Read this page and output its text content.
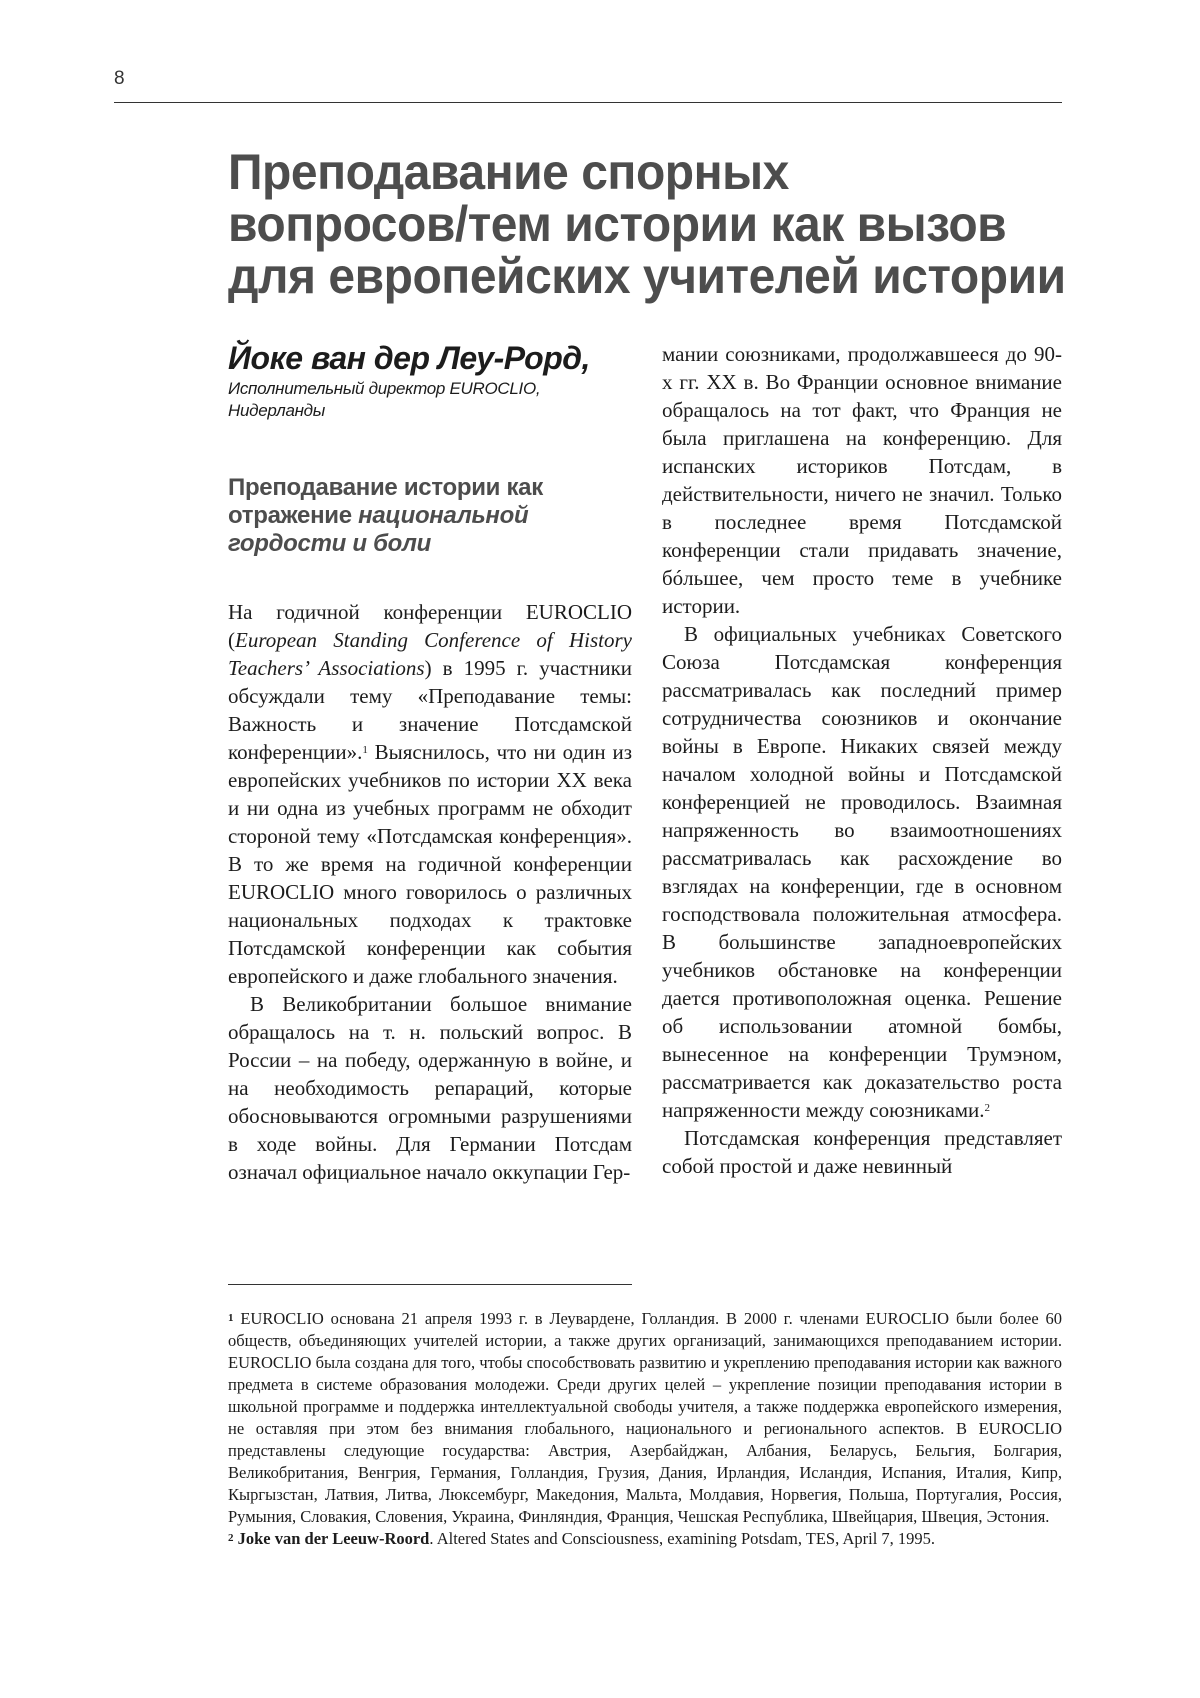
8
Преподавание спорных
вопросов/тем истории как вызов
для европейских учителей истории

Йоке ван дер Леу-Рорд,

Исполнительный директор EUROCLIO, Нидерланды

Преподавание истории как
отражение национальной
гордости и боли

На годичной конференции EUROCLIO (European Standing Conference of History Teachers’ Associations) в 1995 г. участники обсуждали тему «Преподавание темы: Важность и значение Потсдамской конференции».$^1$ Выяснилось, что ни один из европейских учебников по истории XX века и ни одна из учебных программ не обходит стороной тему «Потсдамская конференция». В то же время на годичной конференции EUROCLIO много говорилось о различных национальных подходах к трактовке Потсдамской конференции как события европейского и даже глобального значения.

В Великобритании большое внимание обращалось на т. н. польский вопрос. В России – на победу, одержанную в войне, и на необходимость репараций, которые обосновываются огромными разрушениями в ходе войны. Для Германии Потсдам означал официальное начало оккупации Гер-

мании союзниками, продолжавшееся до 90-х гг. XX в. Во Франции основное внимание обращалось на тот факт, что Франция не была приглашена на конференцию. Для испанских историков Потсдам, в действительности, ничего не значил. Только в последнее время Потсдамской конференции стали придавать значение, бóльшее, чем просто теме в учебнике истории.

В официальных учебниках Советского Союза Потсдамская конференция рассматривалась как последний пример сотрудничества союзников и окончание войны в Европе. Никаких связей между началом холодной войны и Потсдамской конференцией не проводилось. Взаимная напряженность во взаимоотношениях рассматривалась как расхождение во взглядах на конференции, где в основном господствовала положительная атмосфера. В большинстве западноевропейских учебников обстановке на конференции дается противоположная оценка. Решение об использовании атомной бомбы, вынесенное на конференции Трумэном, рассматривается как доказательство роста напряженности между союзниками.$^2$

Потсдамская конференция представляет собой простой и даже невинный

$^1$ EUROCLIO основана 21 апреля 1993 г. в Леувардене, Голландия. В 2000 г. членами EUROCLIO были более 60 обществ, объединяющих учителей истории, а также других организаций, занимающихся преподаванием истории. EUROCLIO была создана для того, чтобы способствовать развитию и укреплению преподавания истории как важного предмета в системе образования молодежи. Среди других целей – укрепление позиции преподавания истории в школьной программе и поддержка интеллектуальной свободы учителя, а также поддержка европейского измерения, не оставляя при этом без внимания глобального, национального и регионального аспектов. В EUROCLIO представлены следующие государства: Австрия, Азербайджан, Албания, Беларусь, Бельгия, Болгария, Великобритания, Венгрия, Германия, Голландия, Грузия, Дания, Ирландия, Исландия, Испания, Италия, Кипр, Кыргызстан, Латвия, Литва, Люксембург, Македония, Мальта, Молдавия, Норвегия, Польша, Португалия, Россия, Румыния, Словакия, Словения, Украина, Финляндия, Франция, Чешская Республика, Швейцария, Швеция, Эстония.

$^2$ Joke van der Leeuw-Roord. Altered States and Consciousness, examining Potsdam, TES, April 7, 1995.
